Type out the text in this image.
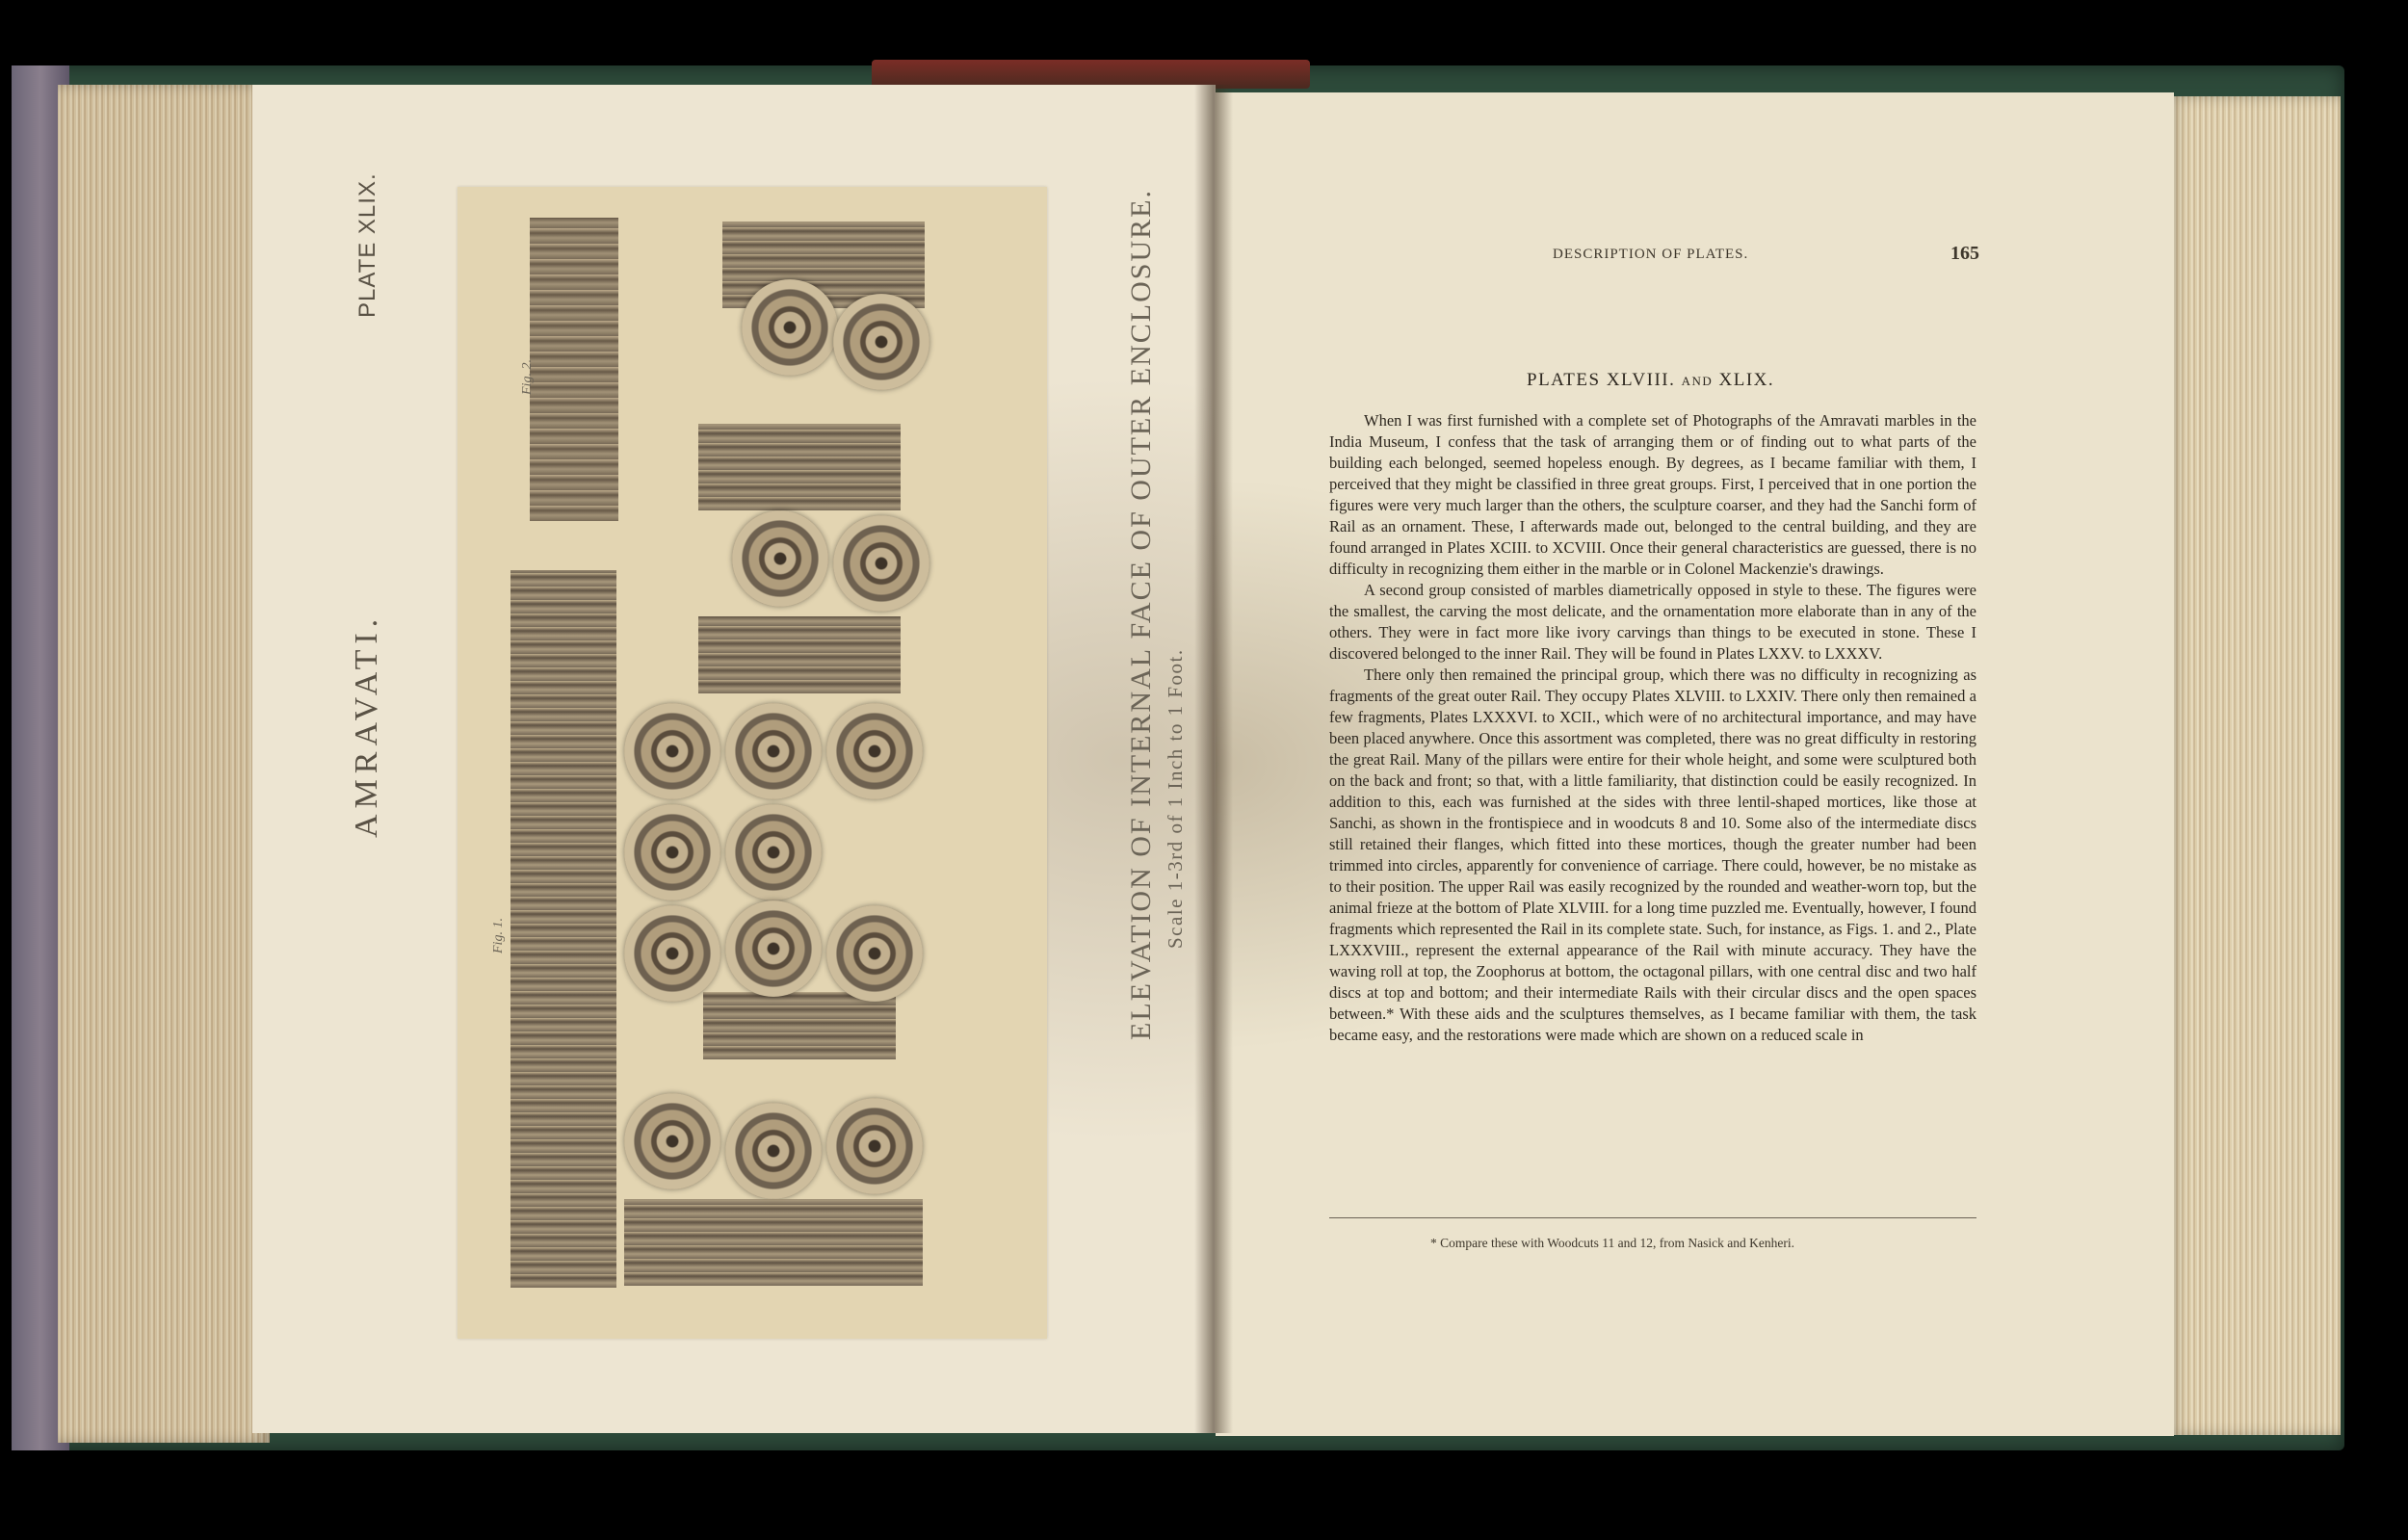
PLATE XLIX.
AMRAVATI.
Fig. 2.
Fig. 1.	ELEVATION OF INTERNAL FACE OF OUTER ENCLOSURE. Scale 1-3rd of 1 Inch to 1 Foot.
DESCRIPTION OF PLATES.	165
PLATES XLVIII. and XLIX.

When I was first furnished with a complete set of Photographs of the Amravati marbles in the India Museum, I confess that the task of arranging them or of finding out to what parts of the building each belonged, seemed hopeless enough. By degrees, as I became familiar with them, I perceived that they might be classified in three great groups. First, I perceived that in one portion the figures were very much larger than the others, the sculpture coarser, and they had the Sanchi form of Rail as an ornament. These, I afterwards made out, belonged to the central building, and they are found arranged in Plates XCIII. to XCVIII. Once their general characteristics are guessed, there is no difficulty in recognizing them either in the marble or in Colonel Mackenzie's drawings.

A second group consisted of marbles diametrically opposed in style to these. The figures were the smallest, the carving the most delicate, and the ornamentation more elaborate than in any of the others. They were in fact more like ivory carvings than things to be executed in stone. These I discovered belonged to the inner Rail. They will be found in Plates LXXV. to LXXXV.

There only then remained the principal group, which there was no difficulty in recognizing as fragments of the great outer Rail. They occupy Plates XLVIII. to LXXIV. There only then remained a few fragments, Plates LXXXVI. to XCII., which were of no architectural importance, and may have been placed anywhere. Once this assortment was completed, there was no great difficulty in restoring the great Rail. Many of the pillars were entire for their whole height, and some were sculptured both on the back and front; so that, with a little familiarity, that distinction could be easily recognized. In addition to this, each was furnished at the sides with three lentil-shaped mortices, like those at Sanchi, as shown in the frontispiece and in woodcuts 8 and 10. Some also of the intermediate discs still retained their flanges, which fitted into these mortices, though the greater number had been trimmed into circles, apparently for convenience of carriage. There could, however, be no mistake as to their position. The upper Rail was easily recognized by the rounded and weather-worn top, but the animal frieze at the bottom of Plate XLVIII. for a long time puzzled me. Eventually, however, I found fragments which represented the Rail in its complete state. Such, for instance, as Figs. 1. and 2., Plate LXXXVIII., represent the external appearance of the Rail with minute accuracy. They have the waving roll at top, the Zoophorus at bottom, the octagonal pillars, with one central disc and two half discs at top and bottom; and their intermediate Rails with their circular discs and the open spaces between.* With these aids and the sculptures themselves, as I became familiar with them, the task became easy, and the restorations were made which are shown on a reduced scale in

* Compare these with Woodcuts 11 and 12, from Nasick and Kenheri.
